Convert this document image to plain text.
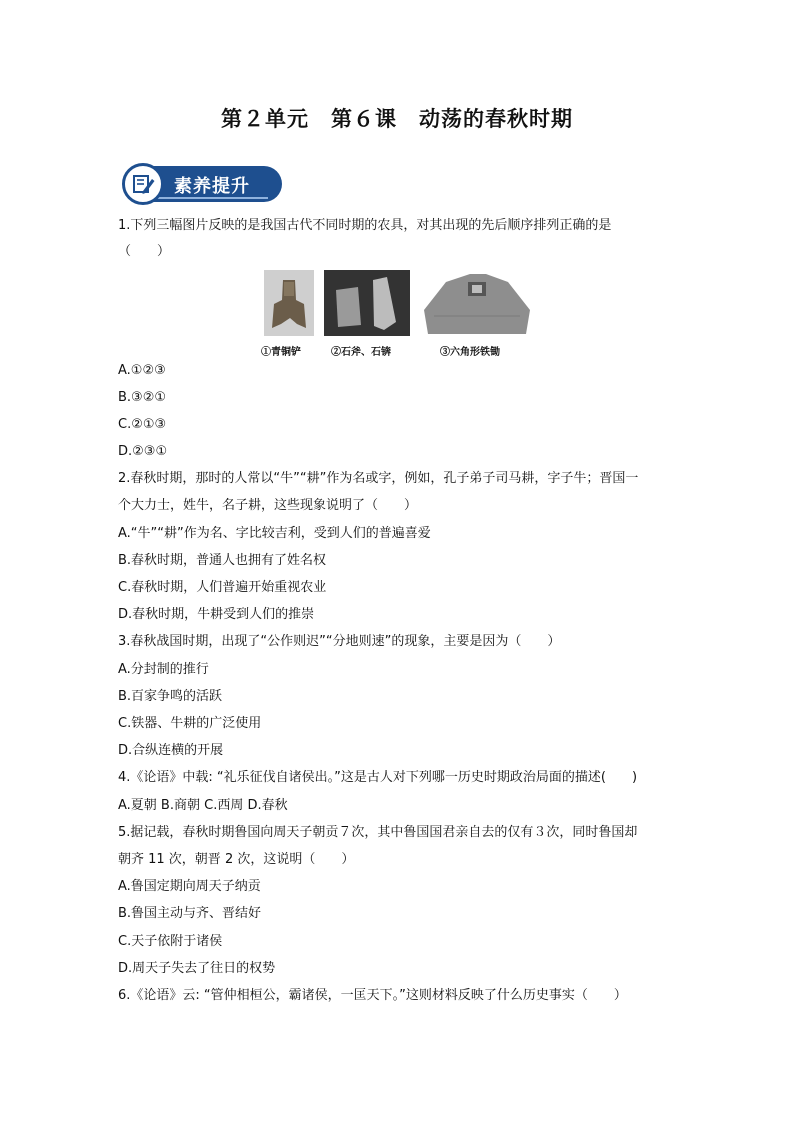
第２单元　第６课　动荡的春秋时期
素养提升
1.下列三幅图片反映的是我国古代不同时期的农具，对其出现的先后顺序排列正确的是
（　　）
①青铜铲	②石斧、石锛	③六角形铁锄
A.①②③
B.③②①
C.②①③
D.②③①
2.春秋时期，那时的人常以“牛”“耕”作为名或字，例如，孔子弟子司马耕，字子牛；晋国一
个大力士，姓牛，名子耕，这些现象说明了（　　）
A.“牛”“耕”作为名、字比较吉利，受到人们的普遍喜爱
B.春秋时期，普通人也拥有了姓名权
C.春秋时期，人们普遍开始重视农业
D.春秋时期，牛耕受到人们的推崇
3.春秋战国时期，出现了“公作则迟”“分地则速”的现象，主要是因为（　　）
A.分封制的推行
B.百家争鸣的活跃
C.铁器、牛耕的广泛使用
D.合纵连横的开展
4.《论语》中载: “礼乐征伐自诸侯出。”这是古人对下列哪一历史时期政治局面的描述(　　)
A.夏朝 B.商朝 C.西周 D.春秋
5.据记载，春秋时期鲁国向周天子朝贡７次，其中鲁国国君亲自去的仅有３次，同时鲁国却
朝齐 11 次，朝晋 2 次，这说明（　　）
A.鲁国定期向周天子纳贡
B.鲁国主动与齐、晋结好
C.天子依附于诸侯
D.周天子失去了往日的权势
6.《论语》云: “管仲相桓公，霸诸侯，一匡天下。”这则材料反映了什么历史事实（　　）
